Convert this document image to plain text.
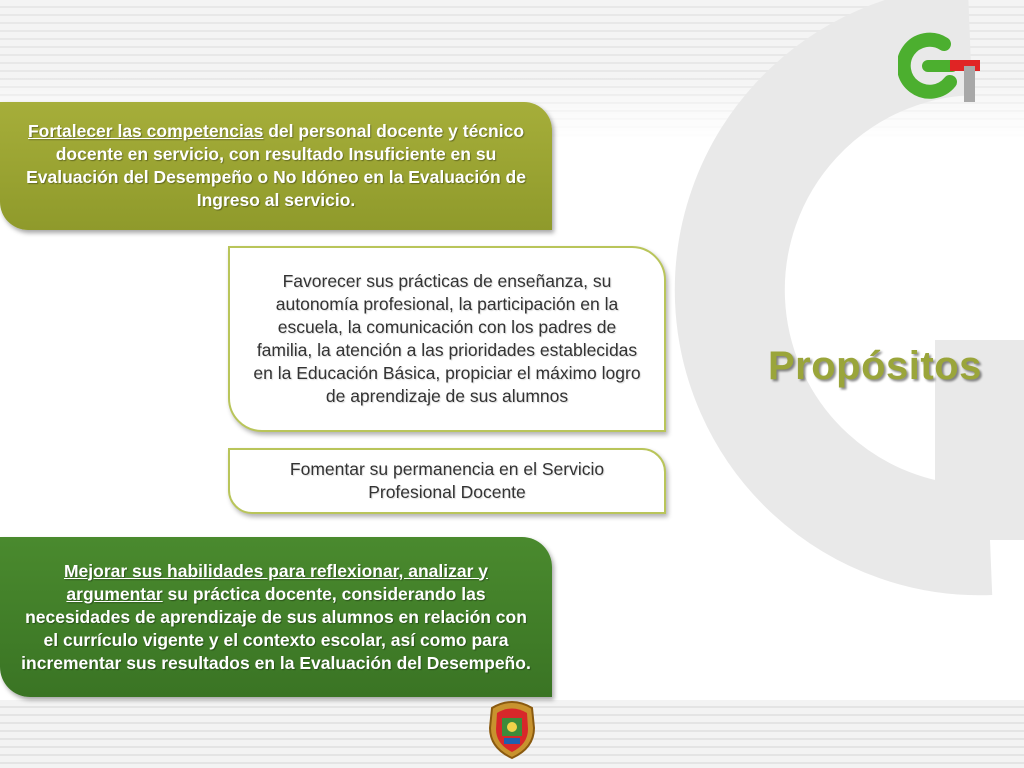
Fortalecer las competencias del personal docente y técnico docente en servicio, con resultado Insuficiente en su Evaluación del Desempeño o No Idóneo en la Evaluación de Ingreso al servicio.

Favorecer sus prácticas de enseñanza, su autonomía profesional, la participación en la escuela, la comunicación con los padres de familia, la atención a las prioridades establecidas en la Educación Básica, propiciar el máximo logro de aprendizaje de sus alumnos

Fomentar su permanencia en el Servicio Profesional Docente

Mejorar sus habilidades para reflexionar, analizar y argumentar su práctica docente, considerando las necesidades de aprendizaje de sus alumnos en relación con el currículo vigente y el contexto escolar, así como para incrementar sus resultados en la Evaluación del Desempeño.

Propósitos
